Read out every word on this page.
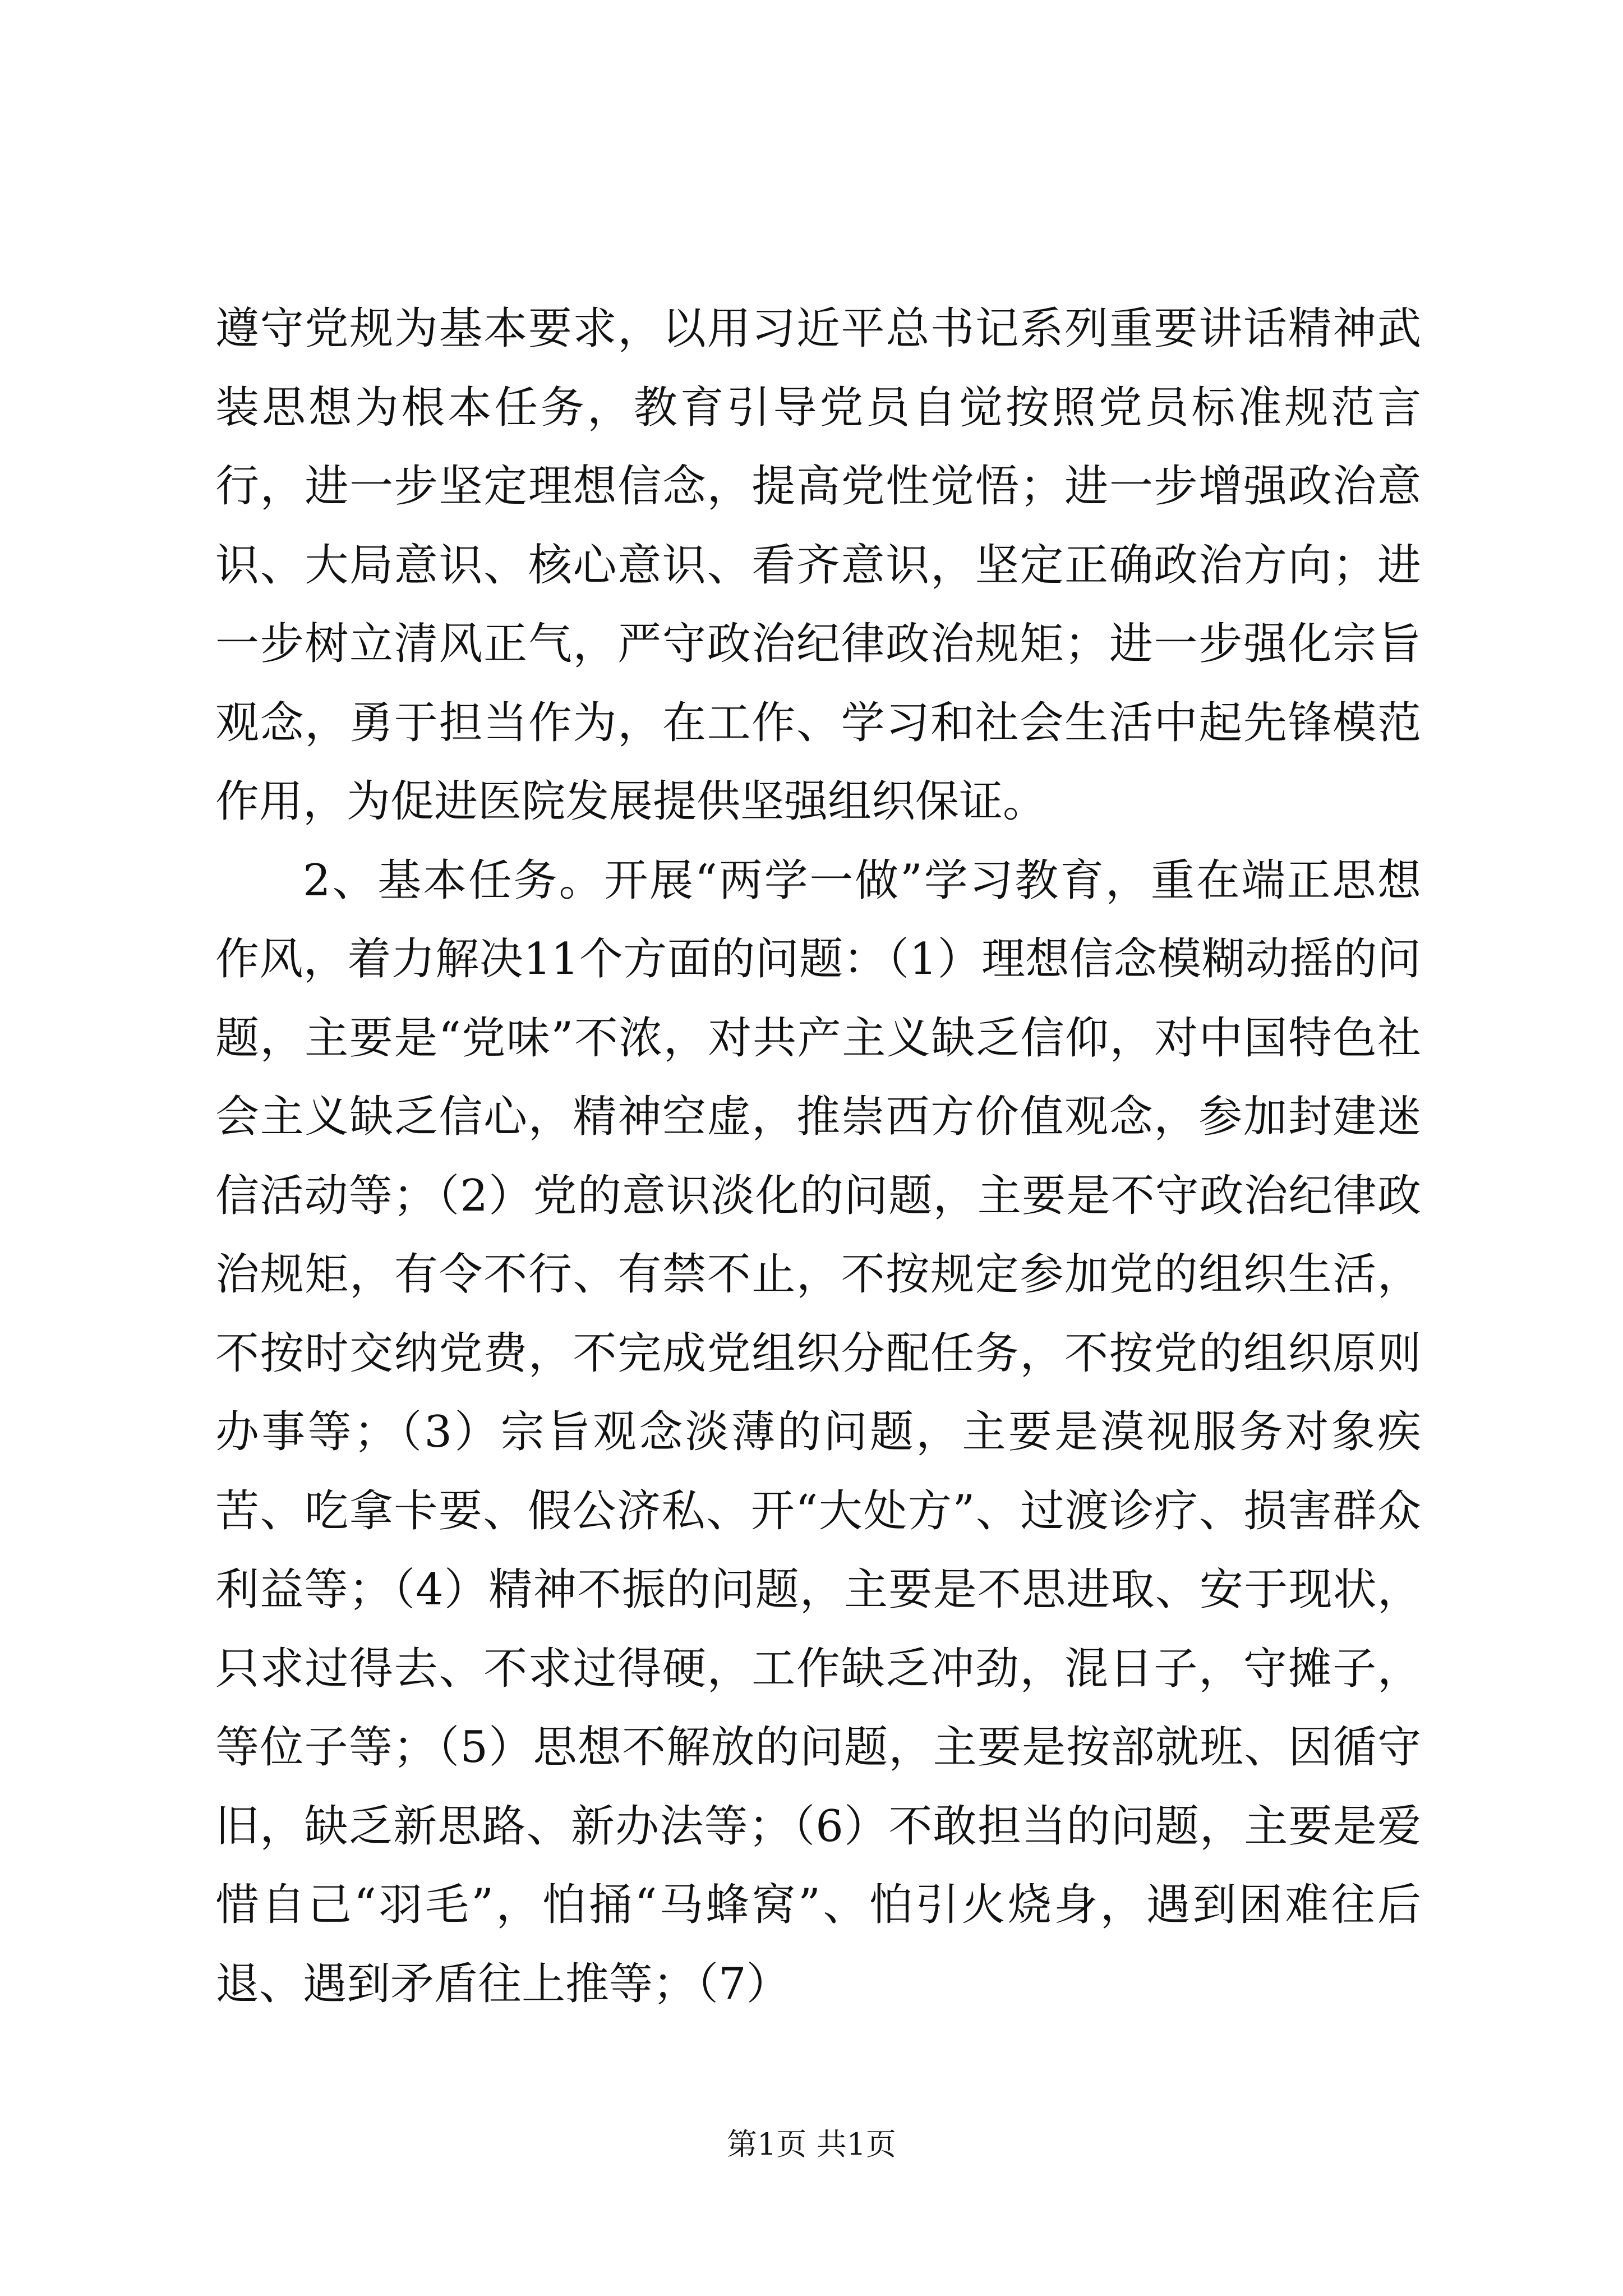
遵守党规为基本要求，以用习近平总书记系列重要讲话精神武装思想为根本任务，教育引导党员自觉按照党员标准规范言行，进一步坚定理想信念，提高党性觉悟；进一步增强政治意识、大局意识、核心意识、看齐意识，坚定正确政治方向；进一步树立清风正气，严守政治纪律政治规矩；进一步强化宗旨观念，勇于担当作为，在工作、学习和社会生活中起先锋模范作用，为促进医院发展提供坚强组织保证。

2、基本任务。开展“两学一做”学习教育，重在端正思想作风，着力解决11个方面的问题：（1）理想信念模糊动摇的问题，主要是“党味”不浓，对共产主义缺乏信仰，对中国特色社会主义缺乏信心，精神空虚，推崇西方价值观念，参加封建迷信活动等；（2）党的意识淡化的问题，主要是不守政治纪律政治规矩，有令不行、有禁不止，不按规定参加党的组织生活，不按时交纳党费，不完成党组织分配任务，不按党的组织原则办事等；（3）宗旨观念淡薄的问题，主要是漠视服务对象疾苦、吃拿卡要、假公济私、开“大处方”、过渡诊疗、损害群众利益等；（4）精神不振的问题，主要是不思进取、安于现状，只求过得去、不求过得硬，工作缺乏冲劲，混日子，守摊子，等位子等；（5）思想不解放的问题，主要是按部就班、因循守旧，缺乏新思路、新办法等；（6）不敢担当的问题，主要是爱惜自己“羽毛”，怕捅“马蜂窝”、怕引火烧身，遇到困难往后退、遇到矛盾往上推等；（7）

第1页 共1页
